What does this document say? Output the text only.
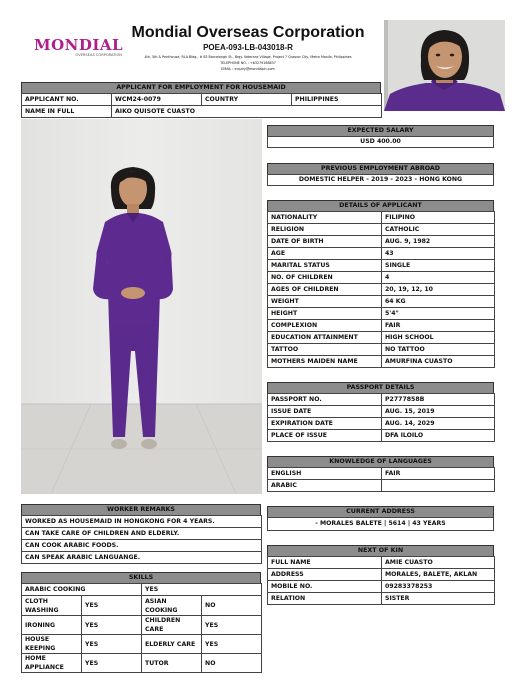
MONDIAL
OVERSEAS CORPORATION
Mondial Overseas Corporation
POEA-093-LB-043018-R
4th, 5th & Penthouse, RLA Bldg., # 83 Barcelongh St., Brgy. Veterans Village, Project 7 Quezon City, Metro Manila, Philippines
TELEPHONE NO. : +63279188837
EMAIL : inquiry@mondialph.com
APPLICANT FOR EMPLOYMENT FOR HOUSEMAID
APPLICANT NO.	WCM24-0079	COUNTRY	PHILIPPINES
NAME IN FULL	AIKO QUISOTE CUASTO		
EXPECTED SALARY
USD 400.00
PREVIOUS EMPLOYMENT ABROAD
DOMESTIC HELPER - 2019 - 2023 - HONG KONG
DETAILS OF APPLICANT
NATIONALITY	FILIPINO
RELIGION	CATHOLIC
DATE OF BIRTH	AUG. 9, 1982
AGE	43
MARITAL STATUS	SINGLE
NO. OF CHILDREN	4
AGES OF CHILDREN	20, 19, 12, 10
WEIGHT	64 KG
HEIGHT	5'4"
COMPLEXION	FAIR
EDUCATION ATTAINMENT	HIGH SCHOOL
TATTOO	NO TATTOO
MOTHERS MAIDEN NAME	AMURFINA CUASTO
PASSPORT DETAILS
PASSPORT NO.	P2777858B
ISSUE DATE	AUG. 15, 2019
EXPIRATION DATE	AUG. 14, 2029
PLACE OF ISSUE	DFA ILOILO
KNOWLEDGE OF LANGUAGES
ENGLISH	FAIR
ARABIC	
CURRENT ADDRESS
- MORALES BALETE | 5614 | 43 YEARS
NEXT OF KIN
FULL NAME	AMIE CUASTO
ADDRESS	MORALES, BALETE, AKLAN
MOBILE NO.	09283378253
RELATION	SISTER
WORKER REMARKS
WORKED AS HOUSEMAID IN HONGKONG FOR 4 YEARS.
CAN TAKE CARE OF CHILDREN AND ELDERLY.
CAN COOK ARABIC FOODS.
CAN SPEAK ARABIC LANGUANGE.
SKILLS
ARABIC COOKING		YES	
CLOTH WASHING	YES	ASIAN COOKING	NO
IRONING	YES	CHILDREN CARE	YES
HOUSE KEEPING	YES	ELDERLY CARE	YES
HOME APPLIANCE	YES	TUTOR	NO
